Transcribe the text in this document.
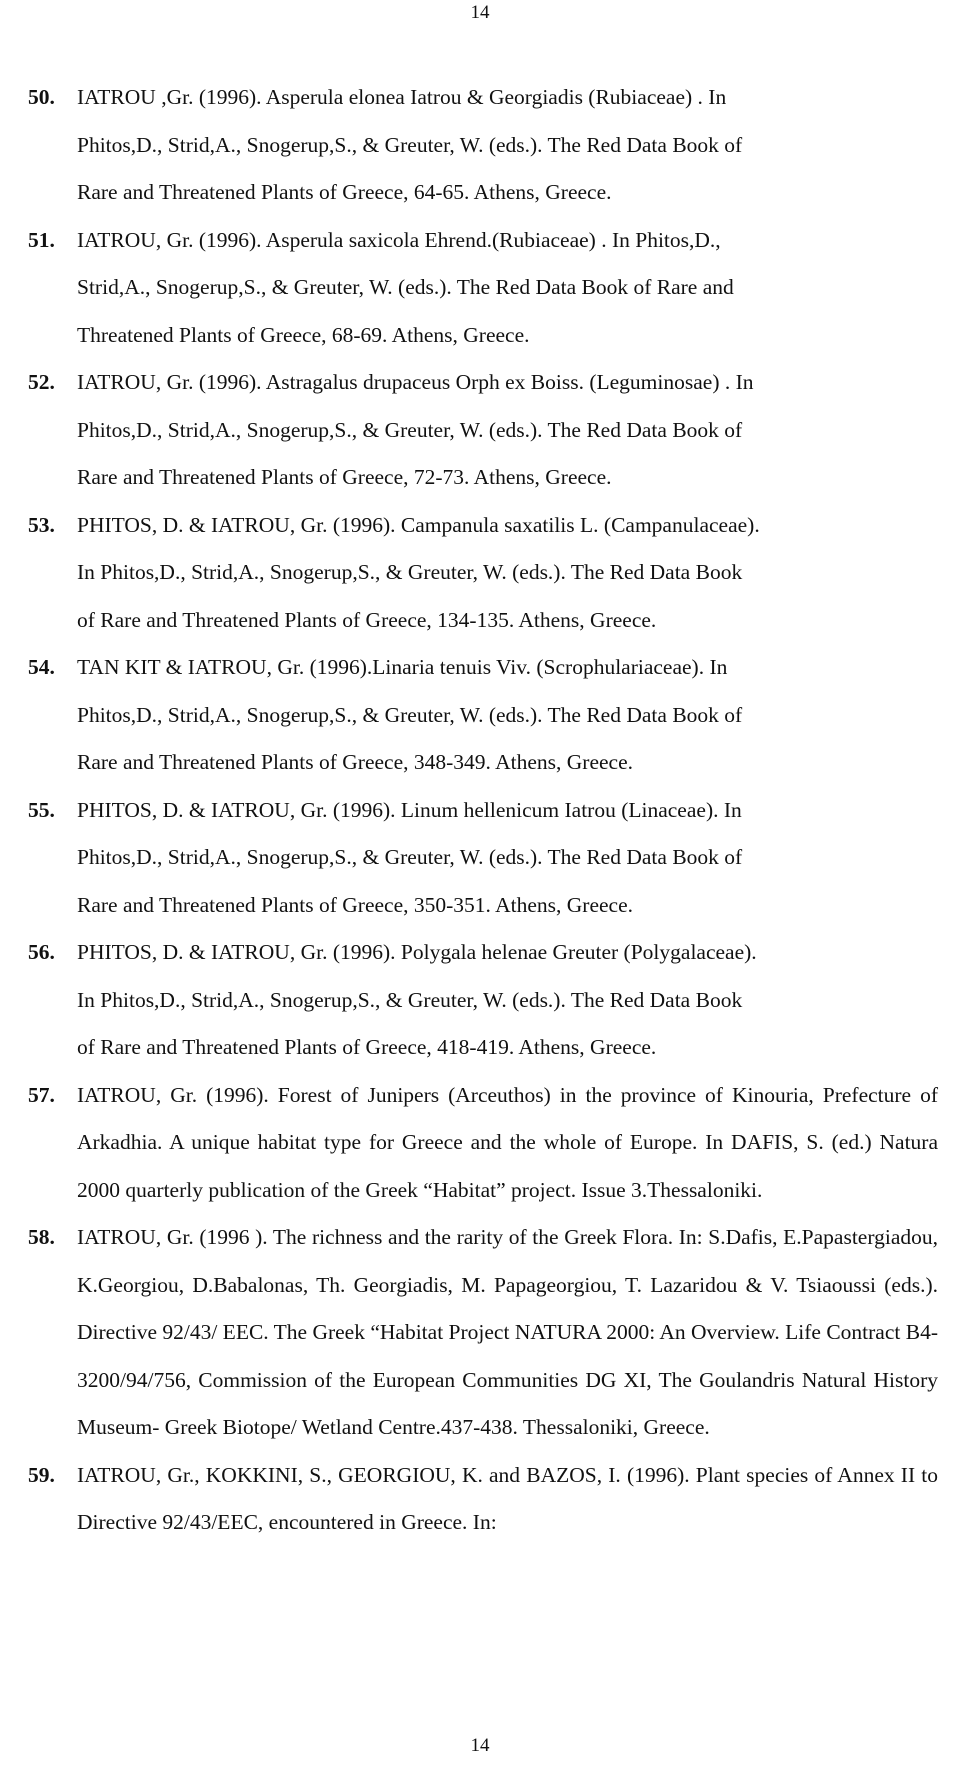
14
50.	IATROU ,Gr. (1996). Asperula elonea Iatrou & Georgiadis (Rubiaceae) . In
Phitos,D., Strid,A., Snogerup,S., & Greuter, W. (eds.). The Red Data Book of
Rare and Threatened Plants of Greece, 64-65. Athens, Greece.
51.	IATROU, Gr. (1996). Asperula saxicola Ehrend.(Rubiaceae) . In Phitos,D.,
Strid,A., Snogerup,S., & Greuter, W. (eds.). The Red Data Book of Rare and
Threatened Plants of Greece, 68-69. Athens, Greece.
52.	IATROU, Gr. (1996). Astragalus drupaceus Orph ex Boiss. (Leguminosae) . In
Phitos,D., Strid,A., Snogerup,S., & Greuter, W. (eds.). The Red Data Book of
Rare and Threatened Plants of Greece, 72-73. Athens, Greece.
53.	PHITOS, D. & IATROU, Gr. (1996). Campanula saxatilis L. (Campanulaceae).
In Phitos,D., Strid,A., Snogerup,S., & Greuter, W. (eds.). The Red Data Book
of Rare and Threatened Plants of Greece, 134-135. Athens, Greece.
54.	TAN KIT & IATROU, Gr. (1996).Linaria tenuis Viv. (Scrophulariaceae). In
Phitos,D., Strid,A., Snogerup,S., & Greuter, W. (eds.). The Red Data Book of
Rare and Threatened Plants of Greece, 348-349. Athens, Greece.
55.	PHITOS, D. & IATROU, Gr. (1996). Linum hellenicum Iatrou (Linaceae). In
Phitos,D., Strid,A., Snogerup,S., & Greuter, W. (eds.). The Red Data Book of
Rare and Threatened Plants of Greece, 350-351. Athens, Greece.
56.	PHITOS, D. & IATROU, Gr. (1996). Polygala helenae Greuter (Polygalaceae).
In Phitos,D., Strid,A., Snogerup,S., & Greuter, W. (eds.). The Red Data Book
of Rare and Threatened Plants of Greece, 418-419. Athens, Greece.
57.	IATROU, Gr. (1996). Forest of Junipers (Arceuthos) in the province of Kinouria, Prefecture of Arkadhia. A unique habitat type for Greece and the whole of Europe. In DAFIS, S. (ed.) Natura 2000 quarterly publication of the Greek “Habitat” project. Issue 3.Thessaloniki.
58.	IATROU, Gr. (1996 ). The richness and the rarity of the Greek Flora. In: S.Dafis, E.Papastergiadou, K.Georgiou, D.Babalonas, Th. Georgiadis, M. Papageorgiou, T. Lazaridou & V. Tsiaoussi (eds.). Directive 92/43/ EEC. The Greek “Habitat Project NATURA 2000: An Overview. Life Contract B4-3200/94/756, Commission of the European Communities DG XI, The Goulandris Natural History Museum- Greek Biotope/ Wetland Centre.437-438. Thessaloniki, Greece.
59.	IATROU, Gr., KOKKINI, S., GEORGIOU, K. and BAZOS, I. (1996). Plant species of Annex II to Directive 92/43/EEC, encountered in Greece. In:
14
